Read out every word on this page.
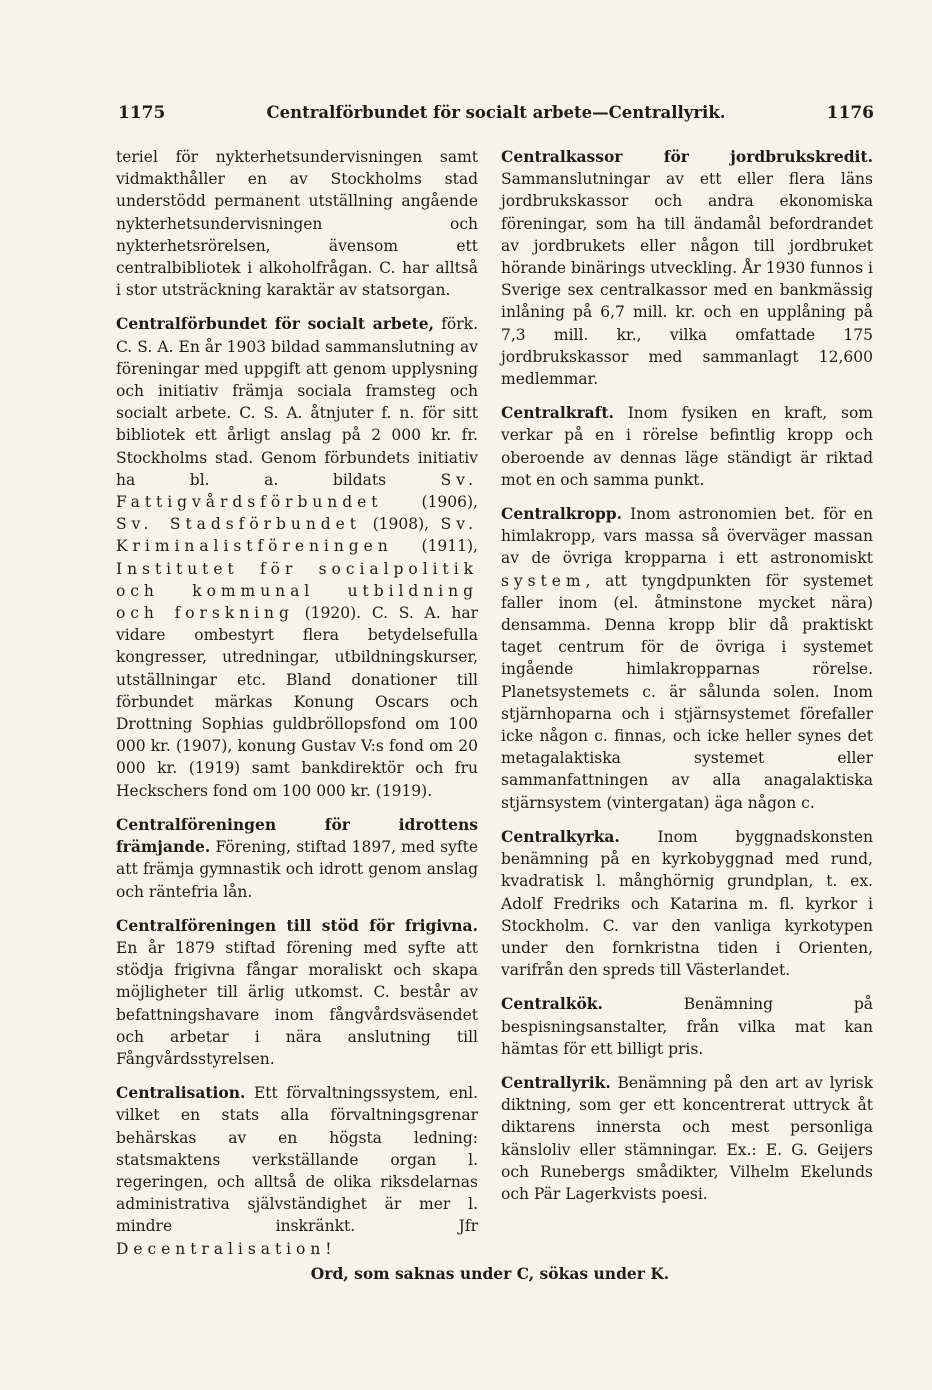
1175	Centralförbundet för socialt arbete—Centrallyrik.	1176

teriel för nykterhetsundervisningen samt vidmakthåller en av Stockholms stad understödd permanent utställning angående nykterhetsundervisningen och nykterhetsrörelsen, ävensom ett centralbibliotek i alkoholfrågan. C. har alltså i stor utsträckning karaktär av statsorgan.

Centralförbundet för socialt arbete, förk. C. S. A. En år 1903 bildad sammanslutning av föreningar med uppgift att genom upplysning och initiativ främja sociala framsteg och socialt arbete. C. S. A. åtnjuter f. n. för sitt bibliotek ett årligt anslag på 2 000 kr. fr. Stockholms stad. Genom förbundets initiativ ha bl. a. bildats Sv. Fattigvårdsförbundet (1906), Sv. Stadsförbundet (1908), Sv. Kriminalistföreningen (1911), Institutet för socialpolitik och kommunal utbildning och forskning (1920). C. S. A. har vidare ombestyrt flera betydelsefulla kongresser, utredningar, utbildningskurser, utställningar etc. Bland donationer till förbundet märkas Konung Oscars och Drottning Sophias guldbröllopsfond om 100 000 kr. (1907), konung Gustav V:s fond om 20 000 kr. (1919) samt bankdirektör och fru Heckschers fond om 100 000 kr. (1919).

Centralföreningen för idrottens främjande. Förening, stiftad 1897, med syfte att främja gymnastik och idrott genom anslag och räntefria lån.

Centralföreningen till stöd för frigivna. En år 1879 stiftad förening med syfte att stödja frigivna fångar moraliskt och skapa möjligheter till ärlig utkomst. C. består av befattningshavare inom fångvårdsväsendet och arbetar i nära anslutning till Fångvårdsstyrelsen.

Centralisation. Ett förvaltningssystem, enl. vilket en stats alla förvaltningsgrenar behärskas av en högsta ledning: statsmaktens verkställande organ l. regeringen, och alltså de olika riksdelarnas administrativa självständighet är mer l. mindre inskränkt. Jfr Decentralisation!

Centralkassor för jordbrukskredit. Sammanslutningar av ett eller flera läns jordbrukskassor och andra ekonomiska föreningar, som ha till ändamål befordrandet av jordbrukets eller någon till jordbruket hörande binärings utveckling. År 1930 funnos i Sverige sex centralkassor med en bankmässig inlåning på 6,7 mill. kr. och en upplåning på 7,3 mill. kr., vilka omfattade 175 jordbrukskassor med sammanlagt 12,600 medlemmar.

Centralkraft. Inom fysiken en kraft, som verkar på en i rörelse befintlig kropp och oberoende av dennas läge ständigt är riktad mot en och samma punkt.

Centralkropp. Inom astronomien bet. för en himlakropp, vars massa så överväger massan av de övriga kropparna i ett astronomiskt system, att tyngdpunkten för systemet faller inom (el. åtminstone mycket nära) densamma. Denna kropp blir då praktiskt taget centrum för de övriga i systemet ingående himlakropparnas rörelse. Planetsystemets c. är sålunda solen. Inom stjärnhoparna och i stjärnsystemet förefaller icke någon c. finnas, och icke heller synes det metagalaktiska systemet eller sammanfattningen av alla anagalaktiska stjärnsystem (vintergatan) äga någon c.

Centralkyrka. Inom byggnadskonsten benämning på en kyrkobyggnad med rund, kvadratisk l. månghörnig grundplan, t. ex. Adolf Fredriks och Katarina m. fl. kyrkor i Stockholm. C. var den vanliga kyrkotypen under den fornkristna tiden i Orienten, varifrån den spreds till Västerlandet.

Centralkök. Benämning på bespisningsanstalter, från vilka mat kan hämtas för ett billigt pris.

Centrallyrik. Benämning på den art av lyrisk diktning, som ger ett koncentrerat uttryck åt diktarens innersta och mest personliga känsloliv eller stämningar. Ex.: E. G. Geijers och Runebergs smådikter, Vilhelm Ekelunds och Pär Lagerkvists poesi.

Ord, som saknas under C, sökas under K.
